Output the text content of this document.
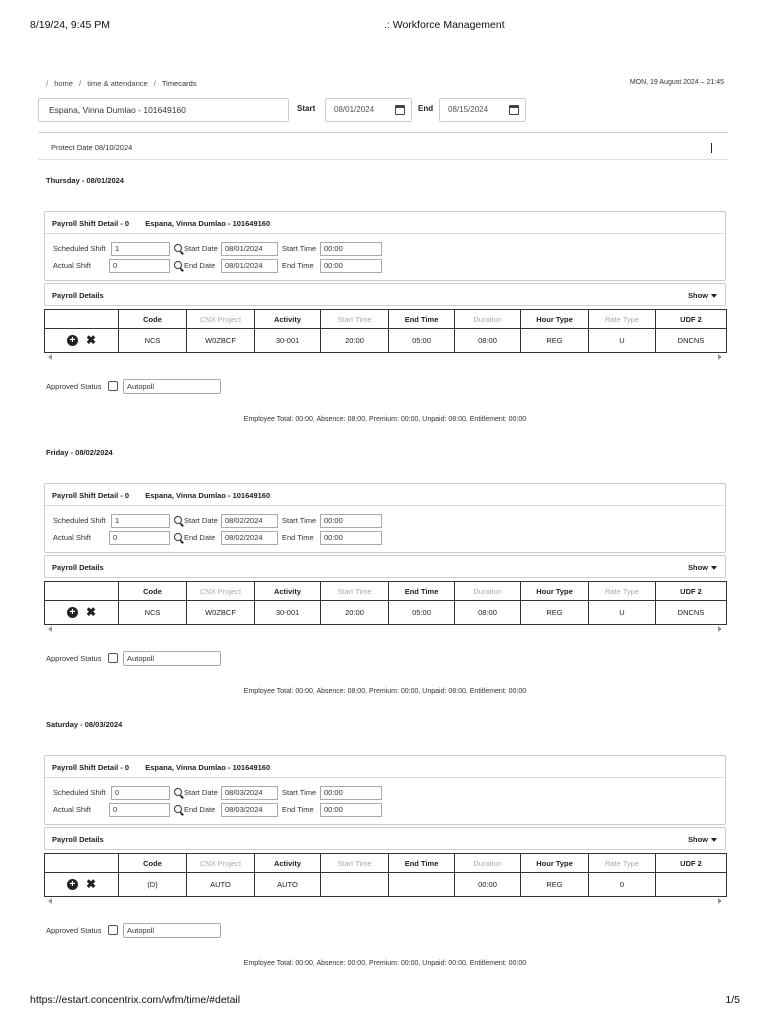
8/19/24, 9:45 PM	.: Workforce Management
/ home / time & attendance / Timecards	MON, 19 August 2024 – 21:45
Espana, Vinna Dumlao - 101649160	Start	08/01/2024	End	08/15/2024
Protect Date 08/10/2024
Thursday - 08/01/2024
Payroll Shift Detail - 0 Espana, Vinna Dumlao - 101649160
Scheduled Shift	1	Start Date 08/01/2024	Start Time	00:00
Actual Shift	0	End Date	08/01/2024	End Time	00:00
Payroll Details	Show
	Code	CNX Project	Activity	Start Time	End Time	Duration	Hour Type	Rate Type	UDF 2
+ ✖	NCS	W0ZBCF	30-001	20:00	05:00	08:00	REG	U	DNCNS
Approved Status	Autopoll
Employee Total: 00:00, Absence: 08:00, Premium: 00:00, Unpaid: 08:00, Entitlement: 00:00
Friday - 08/02/2024
Payroll Shift Detail - 0 Espana, Vinna Dumlao - 101649160
Scheduled Shift	1	Start Date 08/02/2024	Start Time	00:00
Actual Shift	0	End Date	08/02/2024	End Time	00:00
Payroll Details	Show
	Code	CNX Project	Activity	Start Time	End Time	Duration	Hour Type	Rate Type	UDF 2
+ ✖	NCS	W0ZBCF	30-001	20:00	05:00	08:00	REG	U	DNCNS
Approved Status	Autopoll
Employee Total: 00:00, Absence: 08:00, Premium: 00:00, Unpaid: 08:00, Entitlement: 00:00
Saturday - 08/03/2024
Payroll Shift Detail - 0 Espana, Vinna Dumlao - 101649160
Scheduled Shift	0	Start Date 08/03/2024	Start Time	00:00
Actual Shift	0	End Date	08/03/2024	End Time	00:00
Payroll Details	Show
	Code	CNX Project	Activity	Start Time	End Time	Duration	Hour Type	Rate Type	UDF 2
+ ✖	(D)	AUTO	AUTO			00:00	REG	0	
Approved Status	Autopoll
Employee Total: 00:00, Absence: 00:00, Premium: 00:00, Unpaid: 00:00, Entitlement: 00:00
https://estart.concentrix.com/wfm/time/#detail	1/5
